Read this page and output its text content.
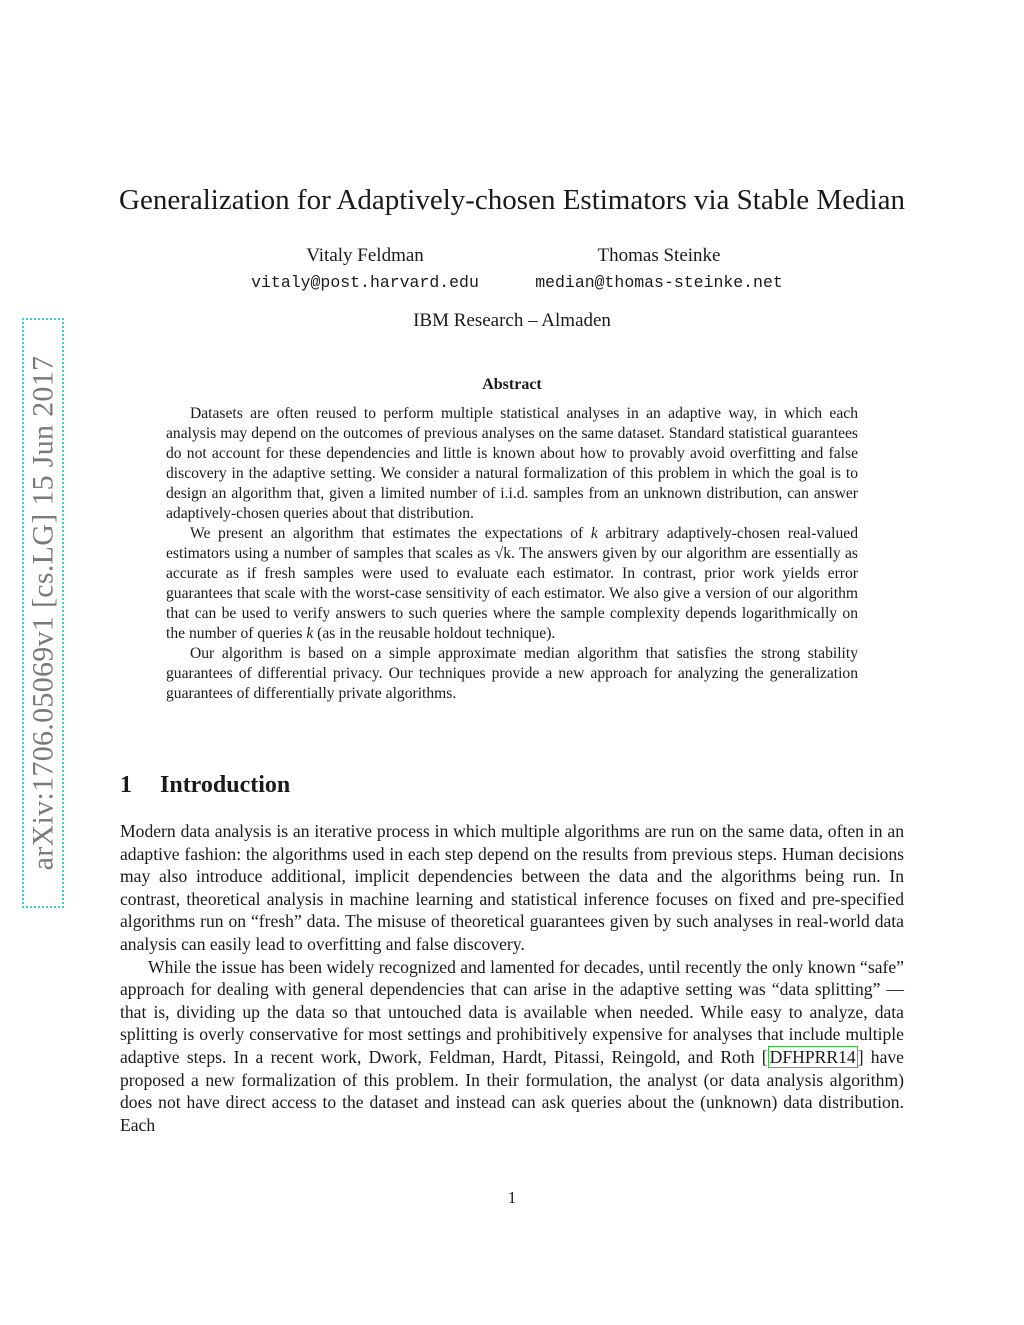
arXiv:1706.05069v1 [cs.LG] 15 Jun 2017
Generalization for Adaptively-chosen Estimators via Stable Median
Vitaly Feldman
vitaly@post.harvard.edu
Thomas Steinke
median@thomas-steinke.net
IBM Research – Almaden
Abstract

Datasets are often reused to perform multiple statistical analyses in an adaptive way, in which each analysis may depend on the outcomes of previous analyses on the same dataset. Standard statistical guarantees do not account for these dependencies and little is known about how to provably avoid overfitting and false discovery in the adaptive setting. We consider a natural formalization of this problem in which the goal is to design an algorithm that, given a limited number of i.i.d. samples from an unknown distribution, can answer adaptively-chosen queries about that distribution.

We present an algorithm that estimates the expectations of k arbitrary adaptively-chosen real-valued estimators using a number of samples that scales as √k. The answers given by our algorithm are essentially as accurate as if fresh samples were used to evaluate each estimator. In contrast, prior work yields error guarantees that scale with the worst-case sensitivity of each estimator. We also give a version of our algorithm that can be used to verify answers to such queries where the sample complexity depends logarithmically on the number of queries k (as in the reusable holdout technique).

Our algorithm is based on a simple approximate median algorithm that satisfies the strong stability guarantees of differential privacy. Our techniques provide a new approach for analyzing the generalization guarantees of differentially private algorithms.

1 Introduction

Modern data analysis is an iterative process in which multiple algorithms are run on the same data, often in an adaptive fashion: the algorithms used in each step depend on the results from previous steps. Human decisions may also introduce additional, implicit dependencies between the data and the algorithms being run. In contrast, theoretical analysis in machine learning and statistical inference focuses on fixed and pre-specified algorithms run on “fresh” data. The misuse of theoretical guarantees given by such analyses in real-world data analysis can easily lead to overfitting and false discovery.

While the issue has been widely recognized and lamented for decades, until recently the only known “safe” approach for dealing with general dependencies that can arise in the adaptive setting was “data splitting” — that is, dividing up the data so that untouched data is available when needed. While easy to analyze, data splitting is overly conservative for most settings and prohibitively expensive for analyses that include multiple adaptive steps. In a recent work, Dwork, Feldman, Hardt, Pitassi, Reingold, and Roth [ DFHPRR14 ] have proposed a new formalization of this problem. In their formulation, the analyst (or data analysis algorithm) does not have direct access to the dataset and instead can ask queries about the (unknown) data distribution. Each

1
